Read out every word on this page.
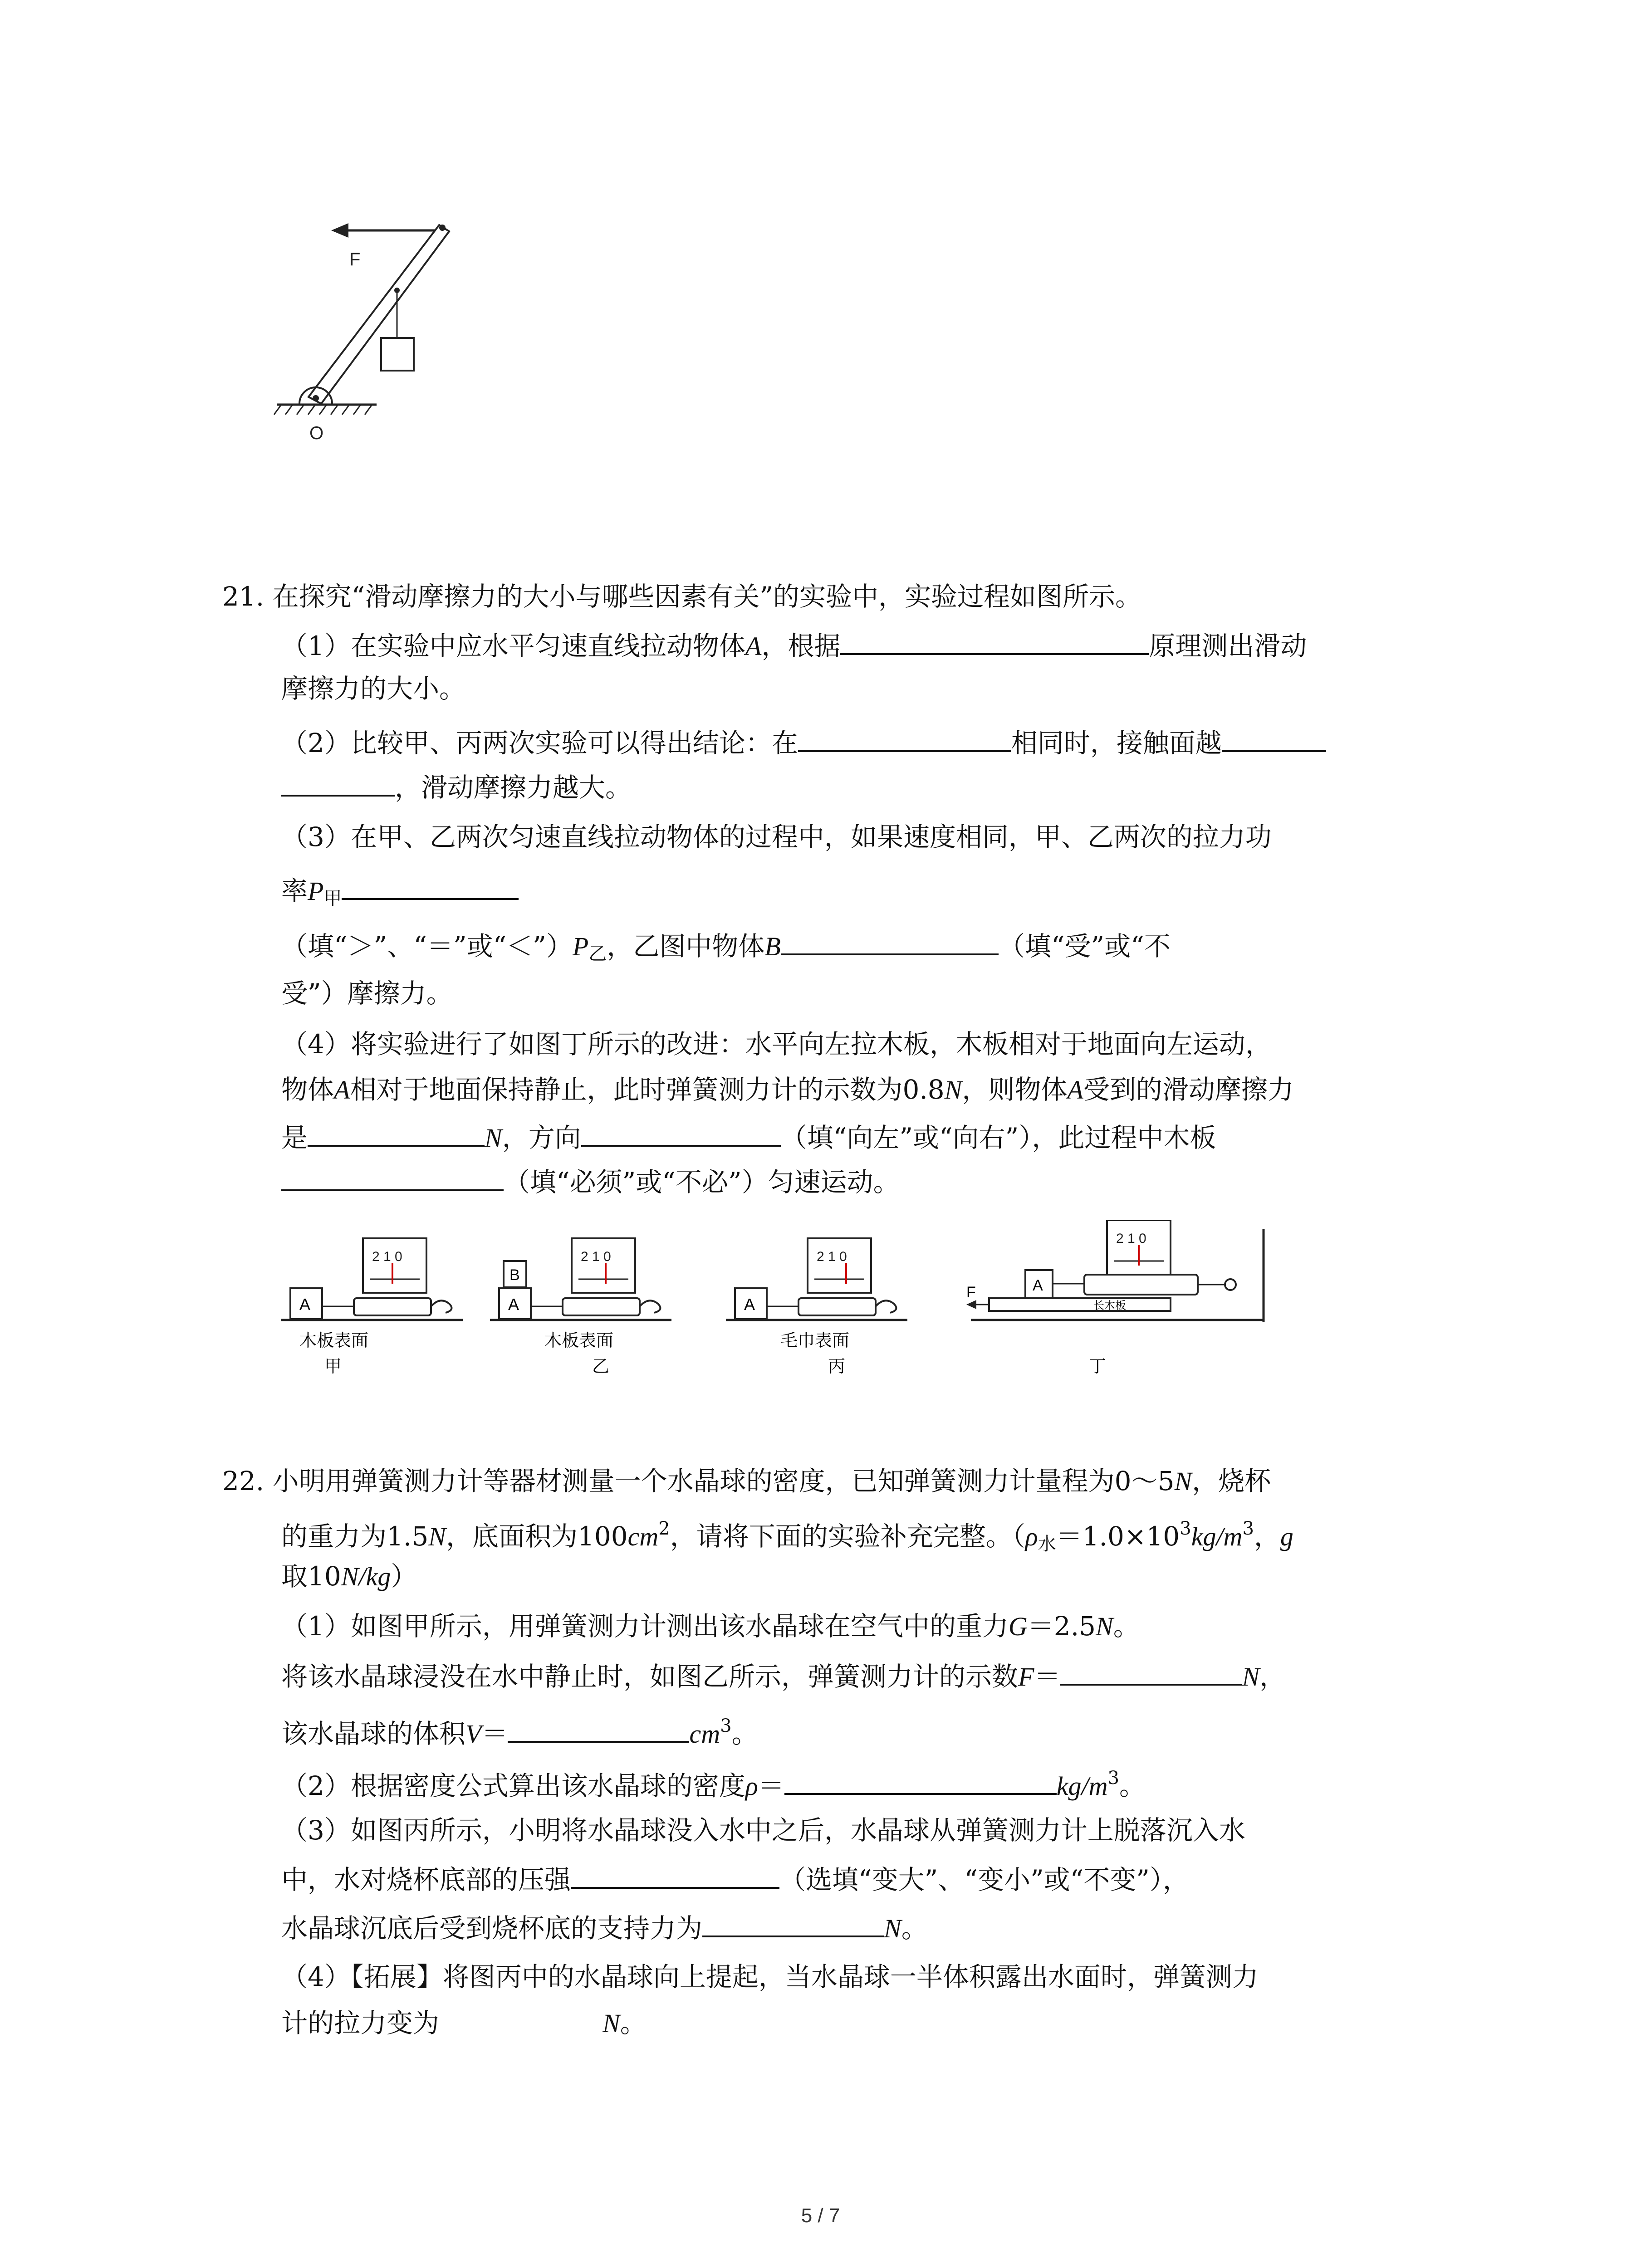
F
O
21. 在探究“滑动摩擦力的大小与哪些因素有关”的实验中，实验过程如图所示。
（1）在实验中应水平匀速直线拉动物体A，根据	原理测出滑动
摩擦力的大小。
（2）比较甲、丙两次实验可以得出结论：在	相同时，接触面越
，滑动摩擦力越大。
（3）在甲、乙两次匀速直线拉动物体的过程中，如果速度相同，甲、乙两次的拉力功
率$P_甲$
（填“＞”、“＝”或“$<”)P_乙$，乙图中物体B	（填“受”或“不
受”）摩擦力。
（4）将实验进行了如图丁所示的改进：水平向左拉木板，木板相对于地面向左运动，
物体A相对于地面保持静止，此时弹簧测力计的示数为0.8N，则物体A受到的滑动摩擦力
是	N，方向	（填“向左”或“向右”），此过程中木板
（填“必须”或“不必”）匀速运动。
2 1 0
A
木板表面
甲
2 1 0
B
A
木板表面
乙
2 1 0
A
毛巾表面
丙
2 1 0
A
长木板
F
丁
22. 小明用弹簧测力计等器材测量一个水晶球的密度，已知弹簧测力计量程为0～5N，烧杯
的重力为1.5N，底面积为$100cm^2$，请将下面的实验补充完整。（$\rho_水=1.0\times 10^3kg/m^3$，g
取10N/kg）
（1）如图甲所示，用弹簧测力计测出该水晶球在空气中的重力G＝2.5N。
将该水晶球浸没在水中静止时，如图乙所示，弹簧测力计的示数F＝	N，
该水晶球的体积V＝	$cm^3$。
（2）根据密度公式算出该水晶球的密度ρ＝	$kg/m^3$。
（3）如图丙所示，小明将水晶球没入水中之后，水晶球从弹簧测力计上脱落沉入水
中，水对烧杯底部的压强	（选填“变大”、“变小”或“不变”），
水晶球沉底后受到烧杯底的支持力为	N。
（4）【拓展】将图丙中的水晶球向上提起，当水晶球一半体积露出水面时，弹簧测力
计的拉力变为	N。
5 / 7
